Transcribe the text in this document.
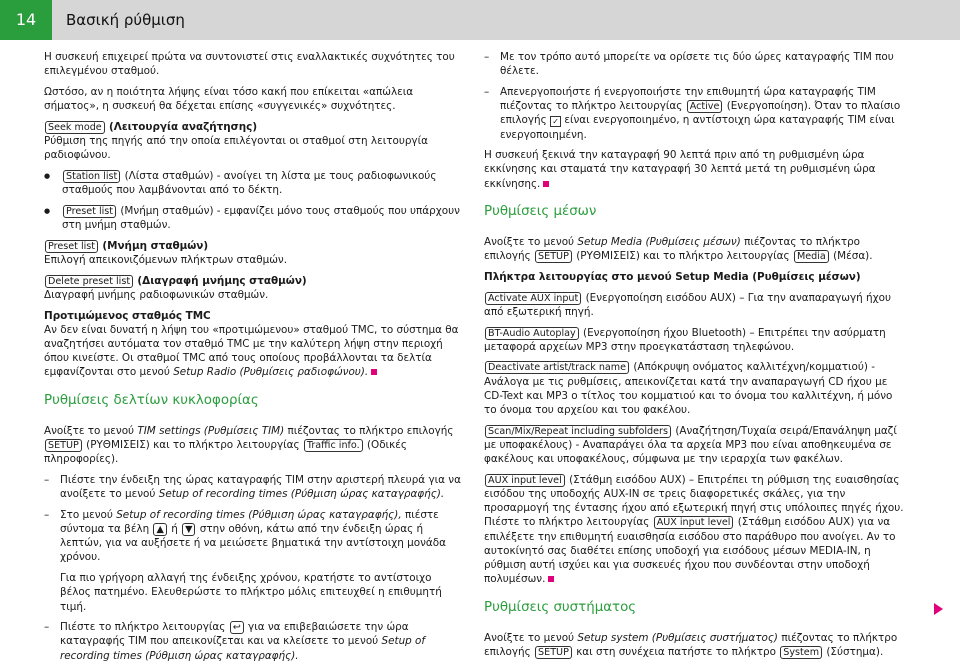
14	Βασική ρύθμιση

Η συσκευή επιχειρεί πρώτα να συντονιστεί στις εναλλακτικές συχνότητες του επιλεγμένου σταθμού.

Ωστόσο, αν η ποιότητα λήψης είναι τόσο κακή που επίκειται «απώλεια σήματος», η συσκευή θα δέχεται επίσης «συγγενικές» συχνότητες.

Seek mode (Λειτουργία αναζήτησης)
Ρύθμιση της πηγής από την οποία επιλέγονται οι σταθμοί στη λειτουργία ραδιοφώνου.

● Station list (Λίστα σταθμών) - ανοίγει τη λίστα με τους ραδιοφωνικούς σταθμούς που λαμβάνονται από το δέκτη.

● Preset list (Μνήμη σταθμών) - εμφανίζει μόνο τους σταθμούς που υπάρχουν στη μνήμη σταθμών.

Preset list (Μνήμη σταθμών)
Επιλογή απεικονιζόμενων πλήκτρων σταθμών.

Delete preset list (Διαγραφή μνήμης σταθμών)
Διαγραφή μνήμης ραδιοφωνικών σταθμών.

Προτιμώμενος σταθμός TMC
Αν δεν είναι δυνατή η λήψη του «προτιμώμενου» σταθμού TMC, το σύστημα θα αναζητήσει αυτόματα τον σταθμό TMC με την καλύτερη λήψη στην περιοχή όπου κινείστε. Οι σταθμοί TMC από τους οποίους προβάλλονται τα δελτία εμφανίζονται στο μενού Setup Radio (Ρυθμίσεις ραδιοφώνου).

Ρυθμίσεις δελτίων κυκλοφορίας

Ανοίξτε το μενού TIM settings (Ρυθμίσεις TIM) πιέζοντας το πλήκτρο επιλογής SETUP (ΡΥΘΜΙΣΕΙΣ) και το πλήκτρο λειτουργίας Traffic info. (Οδικές πληροφορίες).

– Πιέστε την ένδειξη της ώρας καταγραφής TIM στην αριστερή πλευρά για να ανοίξετε το μενού Setup of recording times (Ρύθμιση ώρας καταγραφής).

– Στο μενού Setup of recording times (Ρύθμιση ώρας καταγραφής), πιέστε σύντομα τα βέλη ▲ ή ▼ στην οθόνη, κάτω από την ένδειξη ώρας ή λεπτών, για να αυξήσετε ή να μειώσετε βηματικά την αντίστοιχη μονάδα χρόνου.

Για πιο γρήγορη αλλαγή της ένδειξης χρόνου, κρατήστε το αντίστοιχο βέλος πατημένο. Ελευθερώστε το πλήκτρο μόλις επιτευχθεί η επιθυμητή τιμή.

– Πιέστε το πλήκτρο λειτουργίας ↩ για να επιβεβαιώσετε την ώρα καταγραφής TIM που απεικονίζεται και να κλείσετε το μενού Setup of recording times (Ρύθμιση ώρας καταγραφής).

– Με τον τρόπο αυτό μπορείτε να ορίσετε τις δύο ώρες καταγραφής TIM που θέλετε.

– Απενεργοποιήστε ή ενεργοποιήστε την επιθυμητή ώρα καταγραφής TIM πιέζοντας το πλήκτρο λειτουργίας Active (Ενεργοποίηση). Όταν το πλαίσιο επιλογής ✓ είναι ενεργοποιημένο, η αντίστοιχη ώρα καταγραφής TIM είναι ενεργοποιημένη.

Η συσκευή ξεκινά την καταγραφή 90 λεπτά πριν από τη ρυθμισμένη ώρα εκκίνησης και σταματά την καταγραφή 30 λεπτά μετά τη ρυθμισμένη ώρα εκκίνησης.

Ρυθμίσεις μέσων

Ανοίξτε το μενού Setup Media (Ρυθμίσεις μέσων) πιέζοντας το πλήκτρο επιλογής SETUP (ΡΥΘΜΙΣΕΙΣ) και το πλήκτρο λειτουργίας Media (Μέσα).

Πλήκτρα λειτουργίας στο μενού Setup Media (Ρυθμίσεις μέσων)

Activate AUX input (Ενεργοποίηση εισόδου AUX) – Για την αναπαραγωγή ήχου από εξωτερική πηγή.

BT-Audio Autoplay (Ενεργοποίηση ήχου Bluetooth) – Επιτρέπει την ασύρματη μεταφορά αρχείων MP3 στην προεγκατάσταση τηλεφώνου.

Deactivate artist/track name (Απόκρυψη ονόματος καλλιτέχνη/κομματιού) - Ανάλογα με τις ρυθμίσεις, απεικονίζεται κατά την αναπαραγωγή CD ήχου με CD-Text και MP3 ο τίτλος του κομματιού και το όνομα του καλλιτέχνη, ή μόνο το όνομα του αρχείου και του φακέλου.

Scan/Mix/Repeat including subfolders (Αναζήτηση/Τυχαία σειρά/Επανάληψη μαζί με υποφακέλους) - Αναπαράγει όλα τα αρχεία MP3 που είναι αποθηκευμένα σε φακέλους και υποφακέλους, σύμφωνα με την ιεραρχία των φακέλων.

AUX input level (Στάθμη εισόδου AUX) – Επιτρέπει τη ρύθμιση της ευαισθησίας εισόδου της υποδοχής AUX-IN σε τρεις διαφορετικές σκάλες, για την προσαρμογή της έντασης ήχου από εξωτερική πηγή στις υπόλοιπες πηγές ήχου. Πιέστε το πλήκτρο λειτουργίας AUX input level (Στάθμη εισόδου AUX) για να επιλέξετε την επιθυμητή ευαισθησία εισόδου στο παράθυρο που ανοίγει. Αν το αυτοκίνητό σας διαθέτει επίσης υποδοχή για εισόδους μέσων MEDIA-IN, η ρύθμιση αυτή ισχύει και για συσκευές ήχου που συνδέονται στην υποδοχή πολυμέσων.

Ρυθμίσεις συστήματος

Ανοίξτε το μενού Setup system (Ρυθμίσεις συστήματος) πιέζοντας το πλήκτρο επιλογής SETUP και στη συνέχεια πατήστε το πλήκτρο System (Σύστημα).
